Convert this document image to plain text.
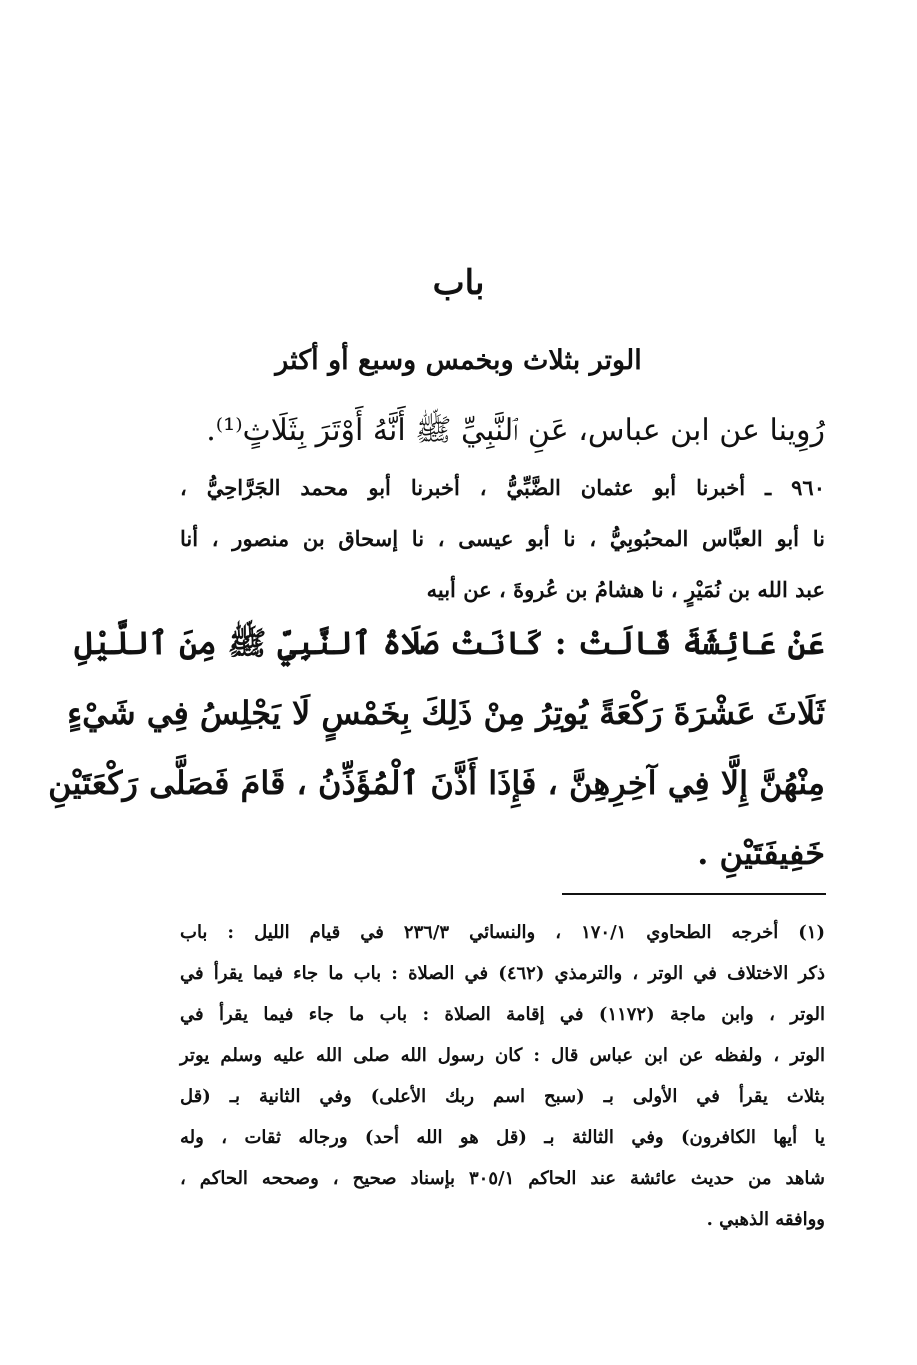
باب
الوتر بثلاث وبخمس وسبع أو أكثر
رُوِينا عن ابن عباس، عَنِ ٱلنَّبِيِّ ﷺ أَنَّهُ أَوْتَرَ بِثَلَاثٍ⁽¹⁾.
٩٦٠ ـ أخبرنا أبو عثمان الضَّبِّيُّ ، أخبرنا أبو محمد الجَرَّاحِيُّ ،
نا أبو العبَّاس المحبُوبِيُّ ، نا أبو عيسى ، نا إسحاق بن منصور ، أنا
عبد الله بن نُمَيْرٍ ، نا هشامُ بن عُروةَ ، عن أبيه
عَنْ عَائِشَةَ قَالَتْ : كَانَتْ صَلَاةُ ٱلنَّبِيِّ ﷺ مِنَ ٱللَّيْلِ
ثَلَاثَ عَشْرَةَ رَكْعَةً يُوتِرُ مِنْ ذَلِكَ بِخَمْسٍ لَا يَجْلِسُ فِي شَيْءٍ
مِنْهُنَّ إِلَّا فِي آخِرِهِنَّ ، فَإِذَا أَذَّنَ ٱلْمُؤَذِّنُ ، قَامَ فَصَلَّى رَكْعَتَيْنِ
خَفِيفَتَيْنِ .
(١) أخرجه الطحاوي ١٧٠/١ ، والنسائي ٢٣٦/٣ في قيام الليل : باب
ذكر الاختلاف في الوتر ، والترمذي (٤٦٢) في الصلاة : باب ما جاء فيما يقرأ في
الوتر ، وابن ماجة (١١٧٢) في إقامة الصلاة : باب ما جاء فيما يقرأ في
الوتر ، ولفظه عن ابن عباس قال : كان رسول الله صلى الله عليه وسلم يوتر
بثلاث يقرأ في الأولى بـ (سبح اسم ربك الأعلى) وفي الثانية بـ (قل
يا أيها الكافرون) وفي الثالثة بـ (قل هو الله أحد) ورجاله ثقات ، وله
شاهد من حديث عائشة عند الحاكم ٣٠٥/١ بإسناد صحيح ، وصححه الحاكم ،
ووافقه الذهبي .
